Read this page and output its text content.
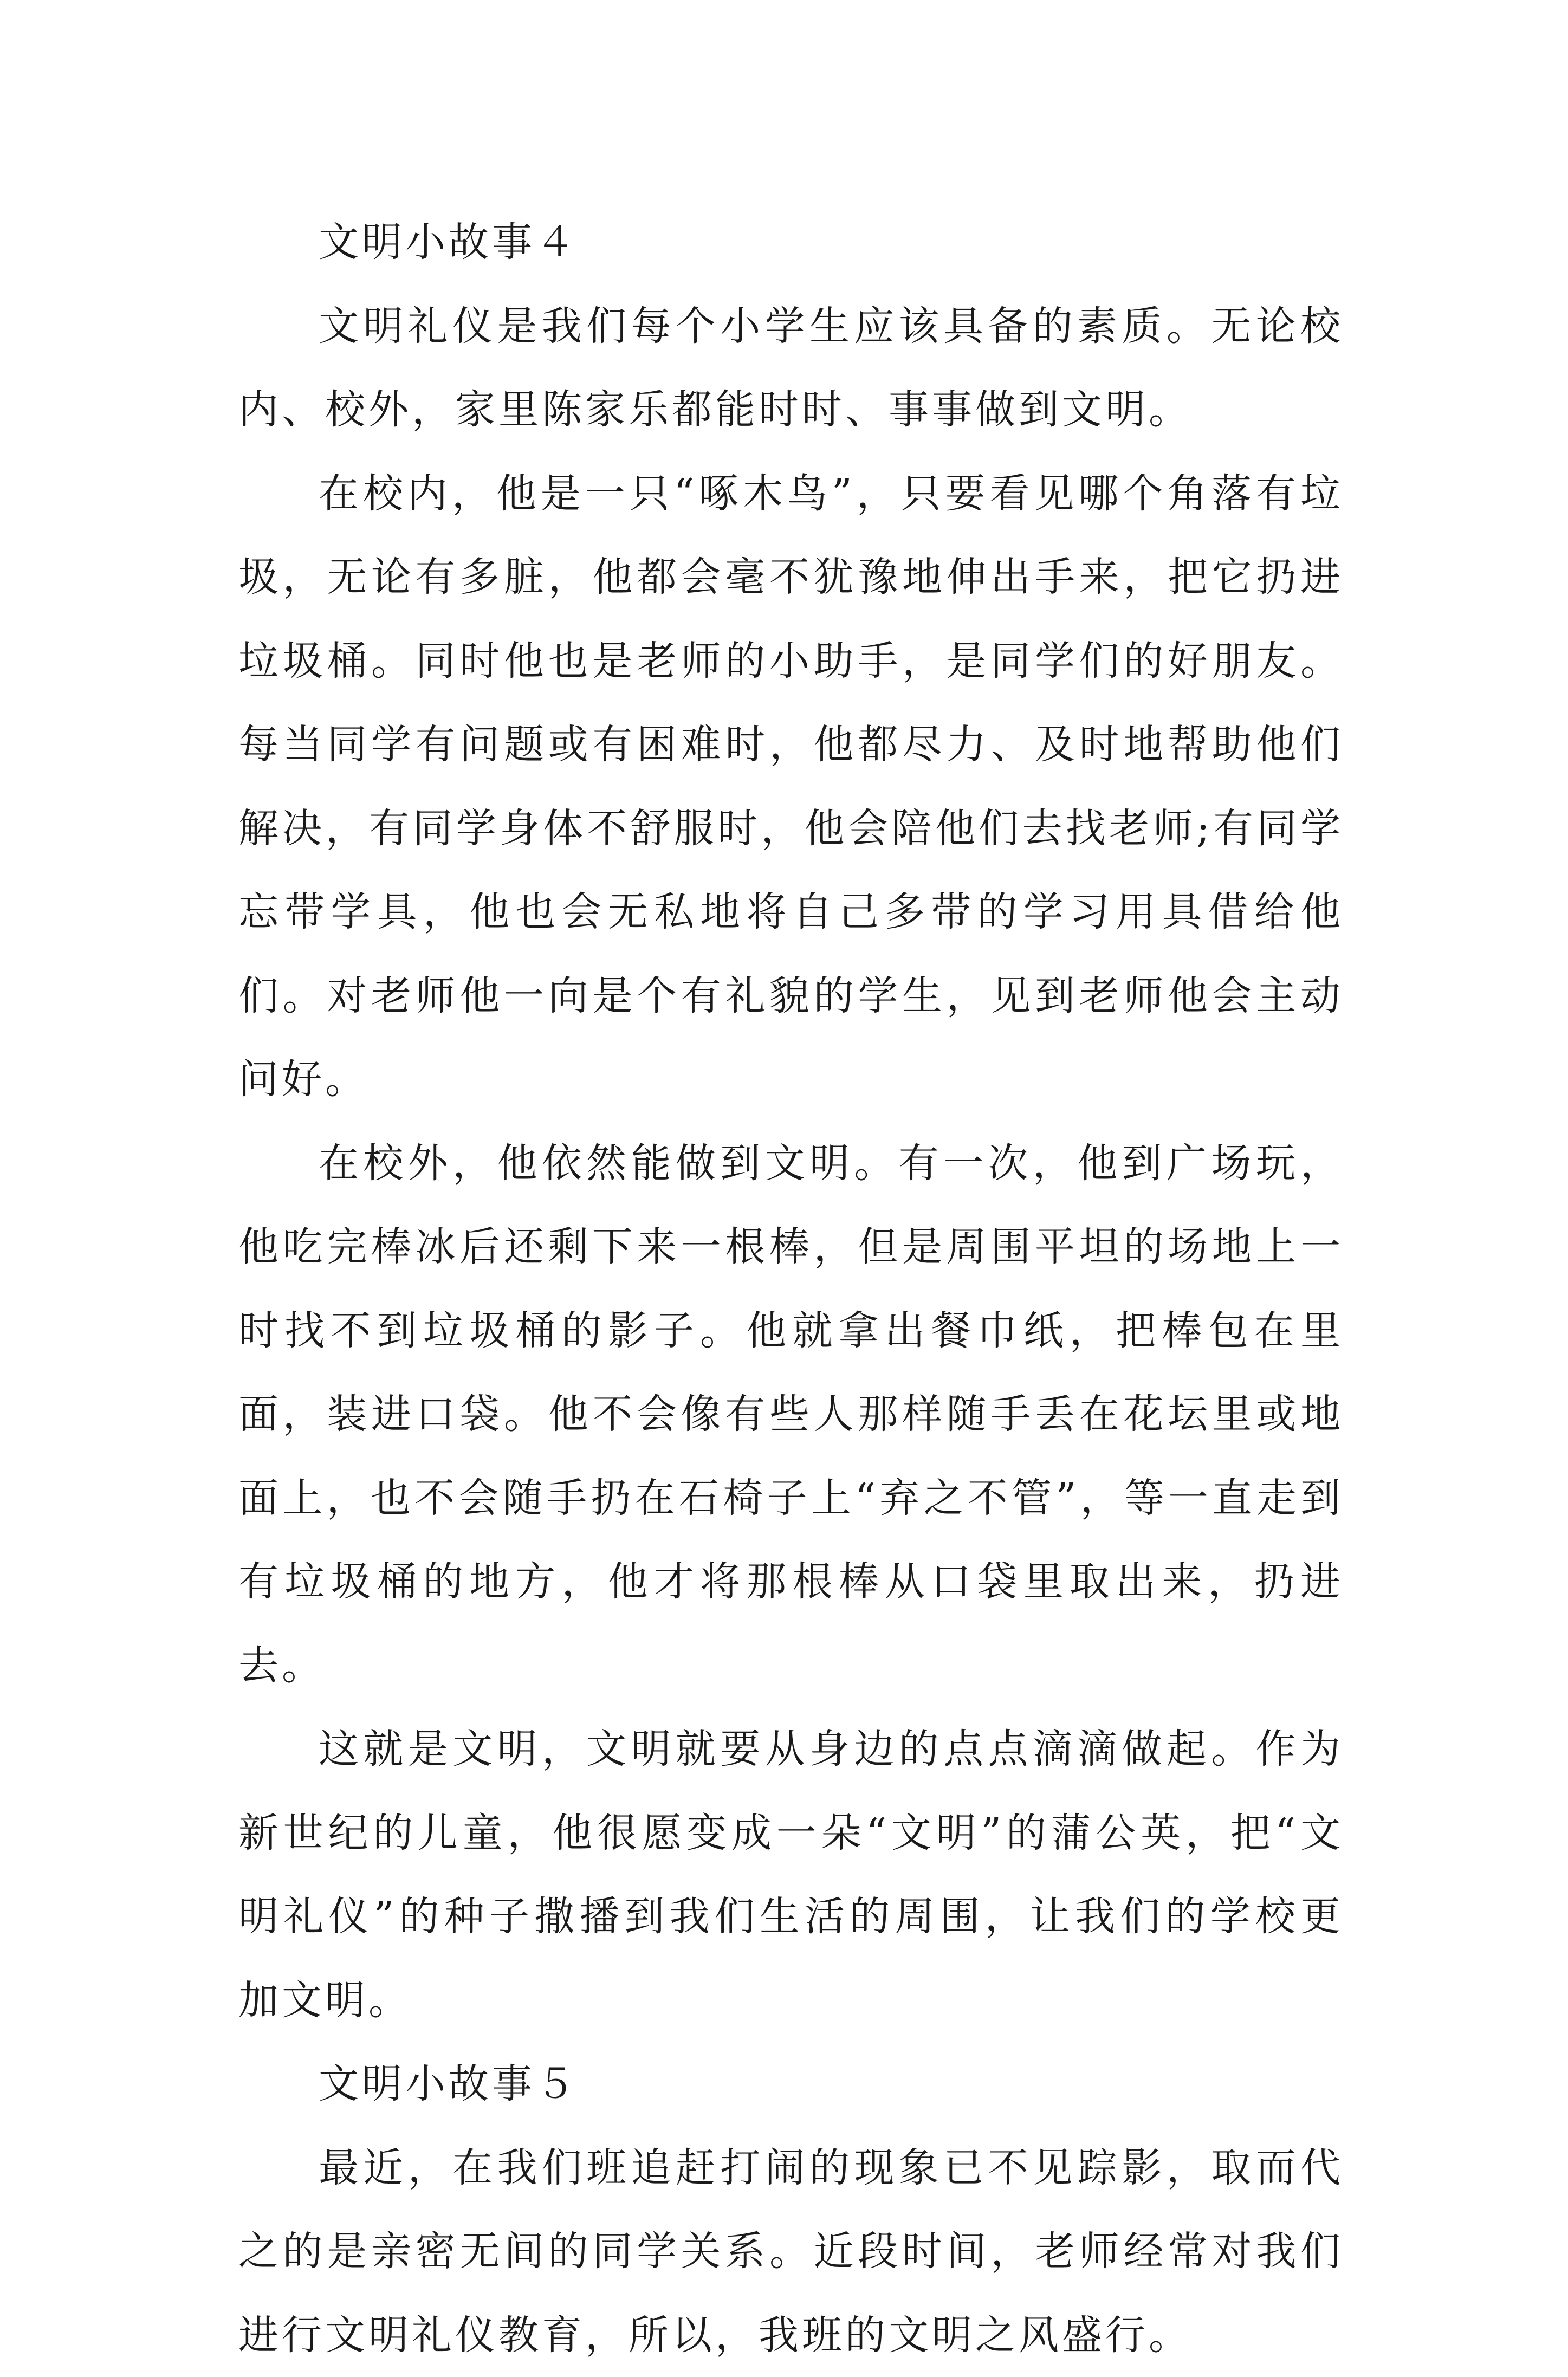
文明小故事４

文明礼仪是我们每个小学生应该具备的素质。无论校内、校外，家里陈家乐都能时时、事事做到文明。

在校内，他是一只“啄木鸟”，只要看见哪个角落有垃圾，无论有多脏，他都会毫不犹豫地伸出手来，把它扔进垃圾桶。同时他也是老师的小助手，是同学们的好朋友。每当同学有问题或有困难时，他都尽力、及时地帮助他们解决，有同学身体不舒服时，他会陪他们去找老师;有同学忘带学具，他也会无私地将自己多带的学习用具借给他们。对老师他一向是个有礼貌的学生，见到老师他会主动问好。

在校外，他依然能做到文明。有一次，他到广场玩，他吃完棒冰后还剩下来一根棒，但是周围平坦的场地上一时找不到垃圾桶的影子。他就拿出餐巾纸，把棒包在里面，装进口袋。他不会像有些人那样随手丢在花坛里或地面上，也不会随手扔在石椅子上“弃之不管”，等一直走到有垃圾桶的地方，他才将那根棒从口袋里取出来，扔进去。

这就是文明，文明就要从身边的点点滴滴做起。作为新世纪的儿童，他很愿变成一朵“文明”的蒲公英，把“文明礼仪”的种子撒播到我们生活的周围，让我们的学校更加文明。

文明小故事５

最近，在我们班追赶打闹的现象已不见踪影，取而代之的是亲密无间的同学关系。近段时间，老师经常对我们进行文明礼仪教育，所以，我班的文明之风盛行。
